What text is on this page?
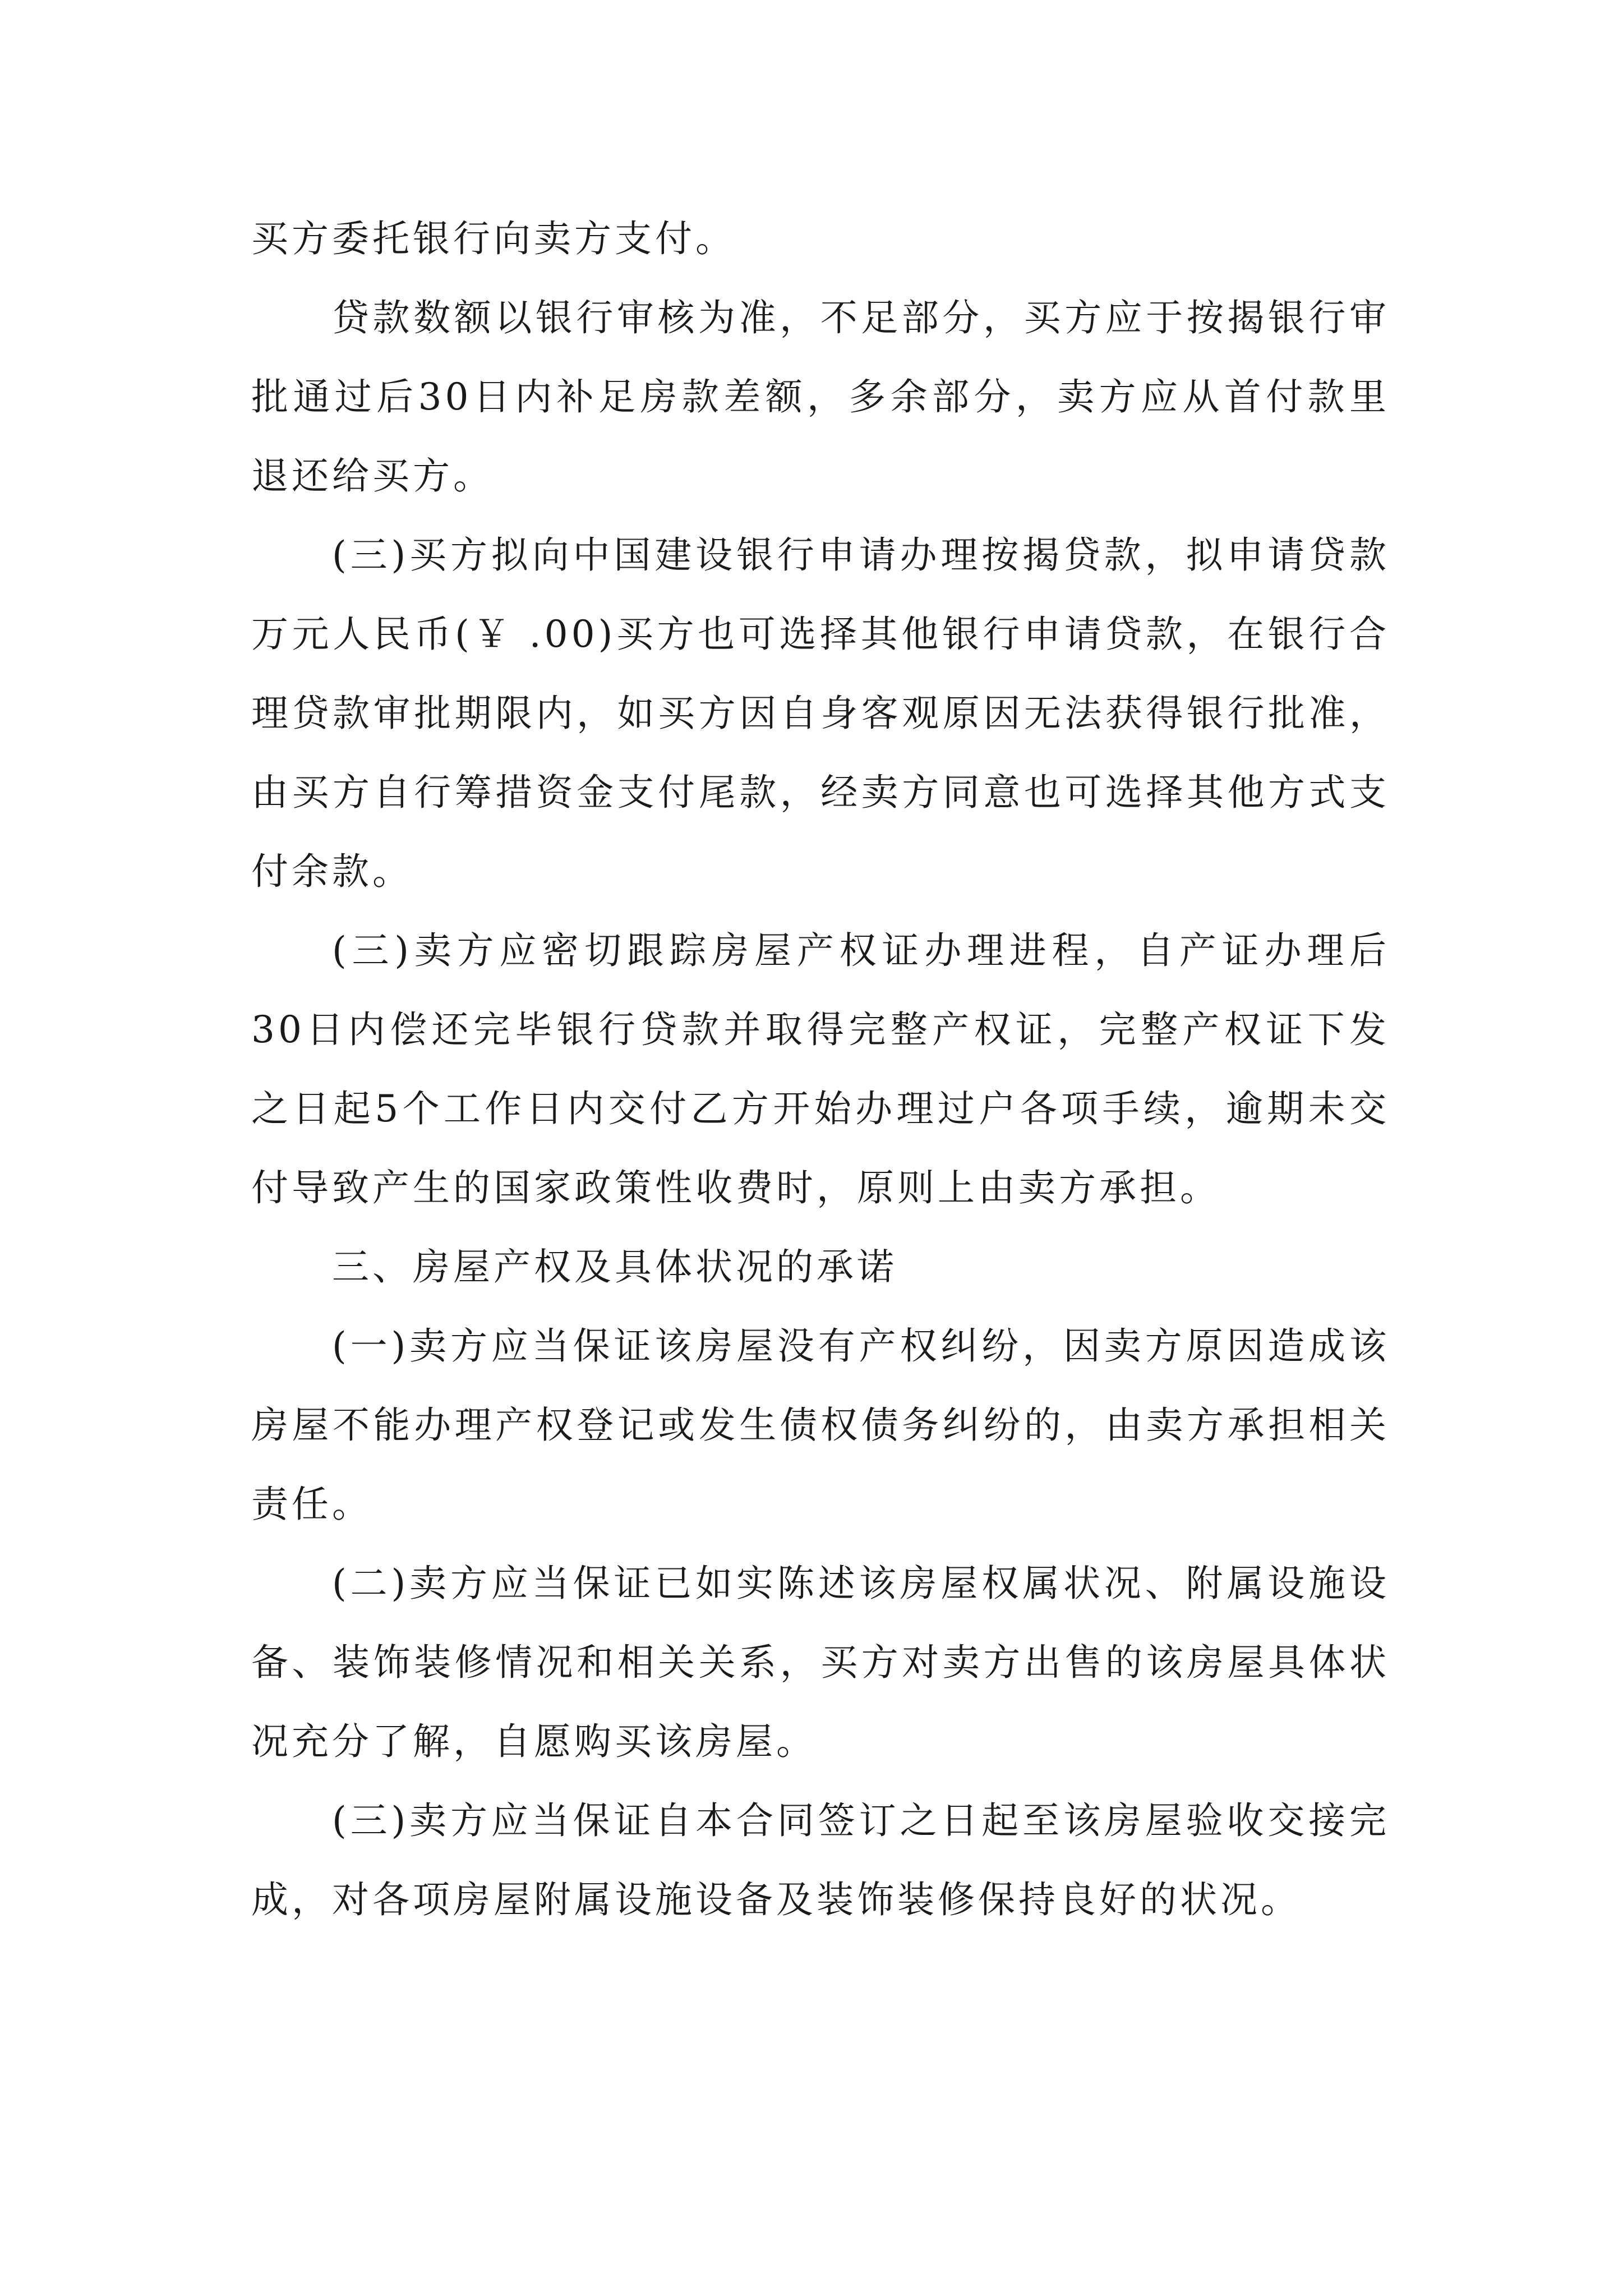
买方委托银行向卖方支付。

贷款数额以银行审核为准，不足部分，买方应于按揭银行审批通过后30日内补足房款差额，多余部分，卖方应从首付款里退还给买方。

(三)买方拟向中国建设银行申请办理按揭贷款，拟申请贷款 万元人民币(￥ .00)买方也可选择其他银行申请贷款，在银行合理贷款审批期限内，如买方因自身客观原因无法获得银行批准，由买方自行筹措资金支付尾款，经卖方同意也可选择其他方式支付余款。

(三)卖方应密切跟踪房屋产权证办理进程，自产证办理后30日内偿还完毕银行贷款并取得完整产权证，完整产权证下发之日起5个工作日内交付乙方开始办理过户各项手续，逾期未交付导致产生的国家政策性收费时，原则上由卖方承担。

三、房屋产权及具体状况的承诺

(一)卖方应当保证该房屋没有产权纠纷，因卖方原因造成该房屋不能办理产权登记或发生债权债务纠纷的，由卖方承担相关责任。

(二)卖方应当保证已如实陈述该房屋权属状况、附属设施设备、装饰装修情况和相关关系，买方对卖方出售的该房屋具体状况充分了解，自愿购买该房屋。

(三)卖方应当保证自本合同签订之日起至该房屋验收交接完成，对各项房屋附属设施设备及装饰装修保持良好的状况。
